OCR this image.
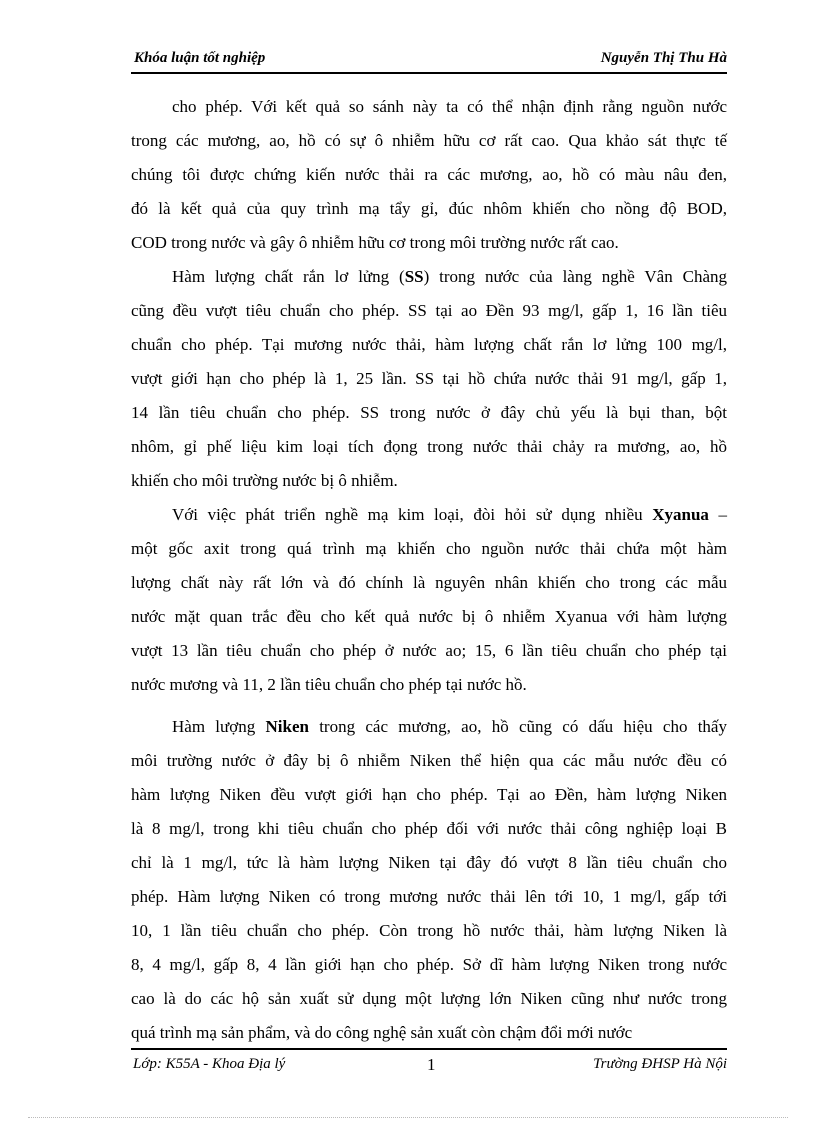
Khóa luận tốt nghiệp	Nguyễn Thị Thu Hà

cho phép. Với kết quả so sánh này ta có thể nhận định rằng nguồn nước
trong các mương, ao, hồ có sự ô nhiễm hữu cơ rất cao. Qua khảo sát thực tế
chúng tôi được chứng kiến nước thải ra các mương, ao, hồ có màu nâu đen,
đó là kết quả của quy trình mạ tẩy gỉ, đúc nhôm khiến cho nồng độ BOD,
COD trong nước và gây ô nhiễm hữu cơ trong môi trường nước rất cao.

Hàm lượng chất rắn lơ lửng (SS) trong nước của làng nghề Vân Chàng
cũng đều vượt tiêu chuẩn cho phép. SS tại ao Đền 93 mg/l, gấp 1, 16 lần tiêu
chuẩn cho phép. Tại mương nước thải, hàm lượng chất rắn lơ lửng 100 mg/l,
vượt giới hạn cho phép là 1, 25 lần. SS tại hồ chứa nước thải 91 mg/l, gấp 1,
14 lần tiêu chuẩn cho phép. SS trong nước ở đây chủ yếu là bụi than, bột
nhôm, gỉ phế liệu kim loại tích đọng trong nước thải chảy ra mương, ao, hồ
khiến cho môi trường nước bị ô nhiễm.

Với việc phát triển nghề mạ kim loại, đòi hỏi sử dụng nhiều Xyanua –
một gốc axit trong quá trình mạ khiến cho nguồn nước thải chứa một hàm
lượng chất này rất lớn và đó chính là nguyên nhân khiến cho trong các mẫu
nước mặt quan trắc đều cho kết quả nước bị ô nhiễm Xyanua với hàm lượng
vượt 13 lần tiêu chuẩn cho phép ở nước ao; 15, 6 lần tiêu chuẩn cho phép tại
nước mương và 11, 2 lần tiêu chuẩn cho phép tại nước hồ.

Hàm lượng Niken trong các mương, ao, hồ cũng có dấu hiệu cho thấy
môi trường nước ở đây bị ô nhiễm Niken thể hiện qua các mẫu nước đều có
hàm lượng Niken đều vượt giới hạn cho phép. Tại ao Đền, hàm lượng Niken
là 8 mg/l, trong khi tiêu chuẩn cho phép đối với nước thải công nghiệp loại B
chỉ là 1 mg/l, tức là hàm lượng Niken tại đây đó vượt 8 lần tiêu chuẩn cho
phép. Hàm lượng Niken có trong mương nước thải lên tới 10, 1 mg/l, gấp tới
10, 1 lần tiêu chuẩn cho phép. Còn trong hồ nước thải, hàm lượng Niken là
8, 4 mg/l, gấp 8, 4 lần giới hạn cho phép. Sở dĩ hàm lượng Niken trong nước
cao là do các hộ sản xuất sử dụng một lượng lớn Niken cũng như nước trong
quá trình mạ sản phẩm, và do công nghệ sản xuất còn chậm đổi mới nước

Lớp: K55A - Khoa Địa lý	1	Trường ĐHSP Hà Nội
